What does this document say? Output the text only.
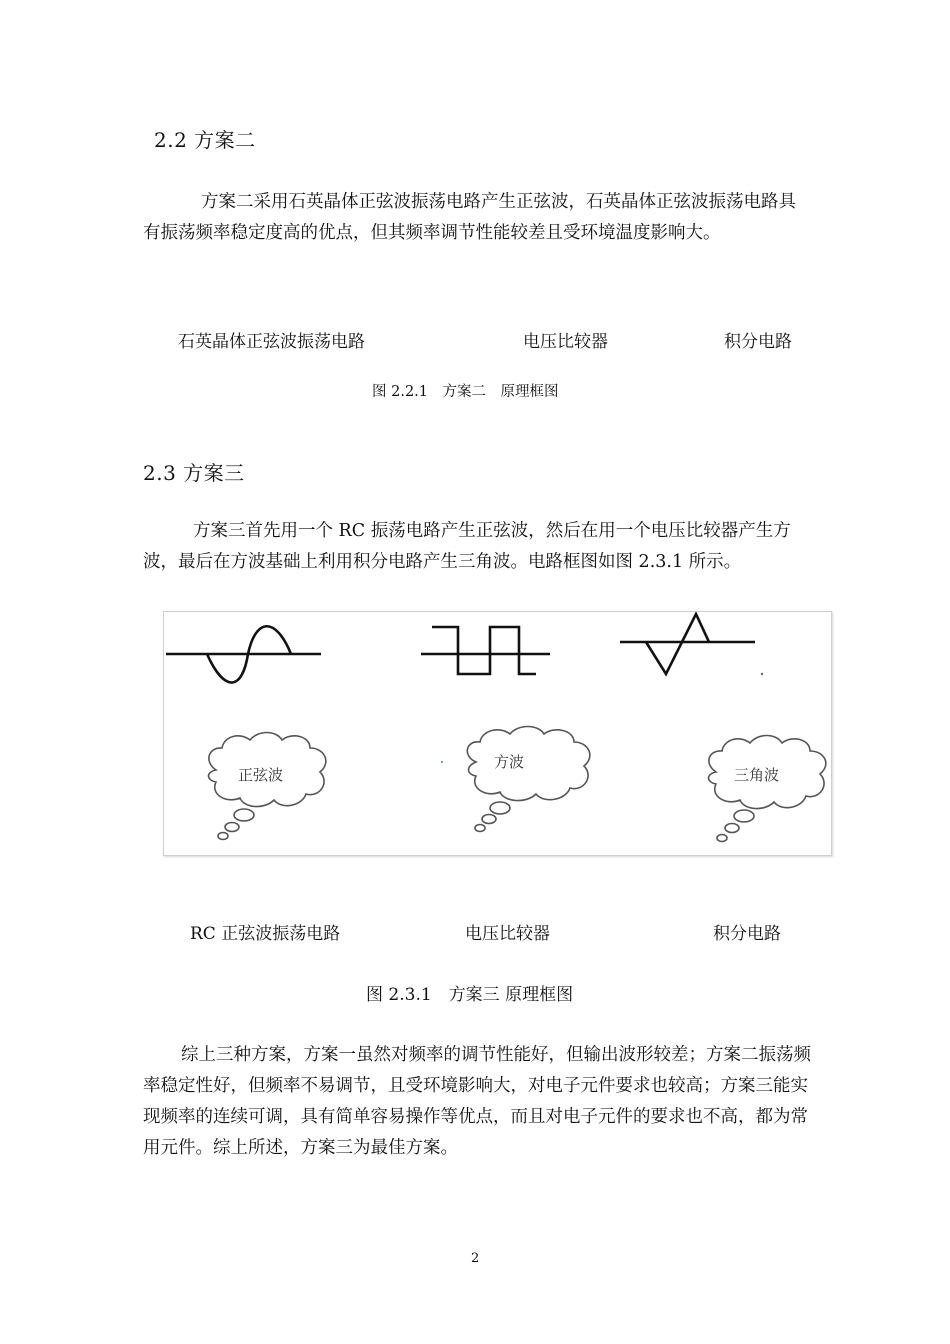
2.2 方案二
方案二采用石英晶体正弦波振荡电路产生正弦波，石英晶体正弦波振荡电路具有振荡频率稳定度高的优点，但其频率调节性能较差且受环境温度影响大。
石英晶体正弦波振荡电路	电压比较器	积分电路
图 2.2.1　方案二　原理框图
2.3 方案三
方案三首先用一个 RC 振荡电路产生正弦波，然后在用一个电压比较器产生方波，最后在方波基础上利用积分电路产生三角波。电路框图如图 2.3.1 所示。
正弦波
方波
三角波
RC 正弦波振荡电路	电压比较器	积分电路
图 2.3.1　方案三 原理框图
综上三种方案，方案一虽然对频率的调节性能好，但输出波形较差；方案二振荡频率稳定性好，但频率不易调节，且受环境影响大，对电子元件要求也较高；方案三能实现频率的连续可调，具有简单容易操作等优点，而且对电子元件的要求也不高，都为常用元件。综上所述，方案三为最佳方案。
2
